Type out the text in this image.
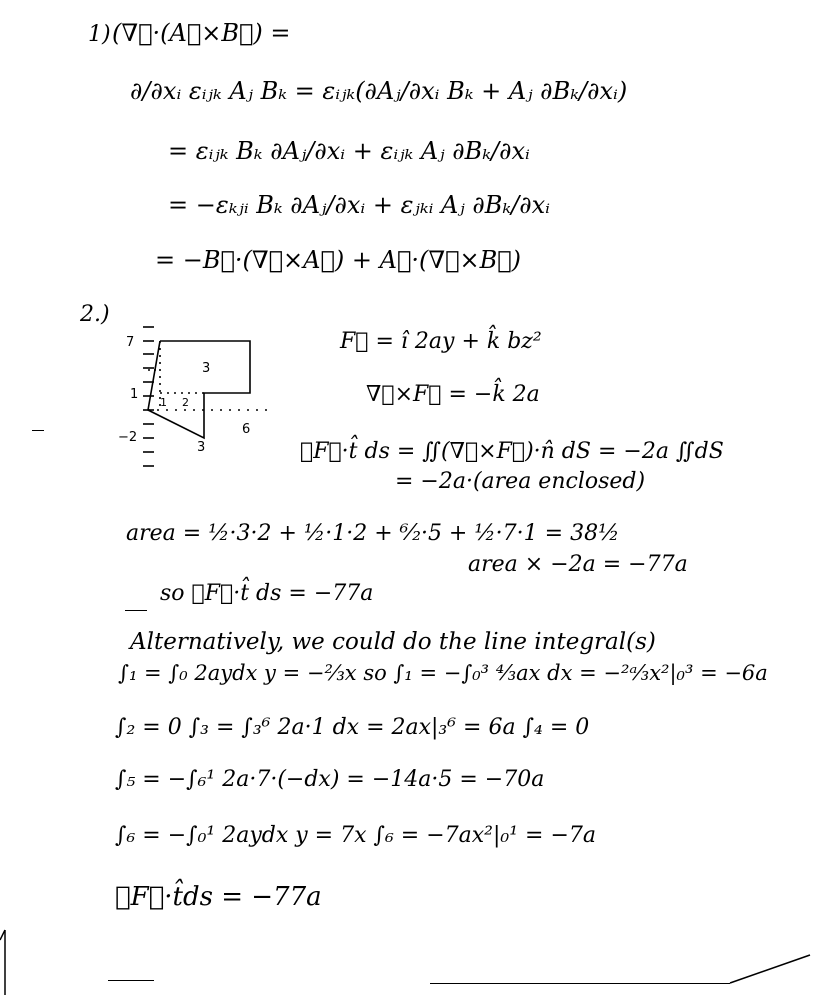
1) (∇⃗·(A⃗×B⃗) =
∂/∂xᵢ εᵢⱼₖ Aⱼ Bₖ = εᵢⱼₖ(∂Aⱼ/∂xᵢ Bₖ + Aⱼ ∂Bₖ/∂xᵢ)
= εᵢⱼₖ Bₖ ∂Aⱼ/∂xᵢ + εᵢⱼₖ Aⱼ ∂Bₖ/∂xᵢ
= −εₖⱼᵢ Bₖ ∂Aⱼ/∂xᵢ + εⱼₖᵢ Aⱼ ∂Bₖ/∂xᵢ
= −B⃗·(∇⃗×A⃗) + A⃗·(∇⃗×B⃗)
2.)
7
1
−2
3
6
3
2
1
F⃗ = î 2ay + k̂ bz²
∇⃗×F⃗ = −k̂ 2a
∮F⃗·t̂ ds = ∬(∇⃗×F⃗)·n̂ dS = −2a ∬dS
= −2a·(area enclosed)
area = ½·3·2 + ½·1·2 + ⁶⁄₂·5 + ½·7·1 = 38½
area × −2a = −77a
so ∮F⃗·t̂ ds = −77a
Alternatively, we could do the line integral(s)
∫₁ = ∫₀ 2aydx y = −⅔x so ∫₁ = −∫₀³ ⁴⁄₃ax dx = −²ᵃ⁄₃x²|₀³ = −6a
∫₂ = 0 ∫₃ = ∫₃⁶ 2a·1 dx = 2ax|₃⁶ = 6a ∫₄ = 0
∫₅ = −∫₆¹ 2a·7·(−dx) = −14a·5 = −70a
∫₆ = −∫₀¹ 2aydx y = 7x ∫₆ = −7ax²|₀¹ = −7a
∮F⃗·t̂ds = −77a
